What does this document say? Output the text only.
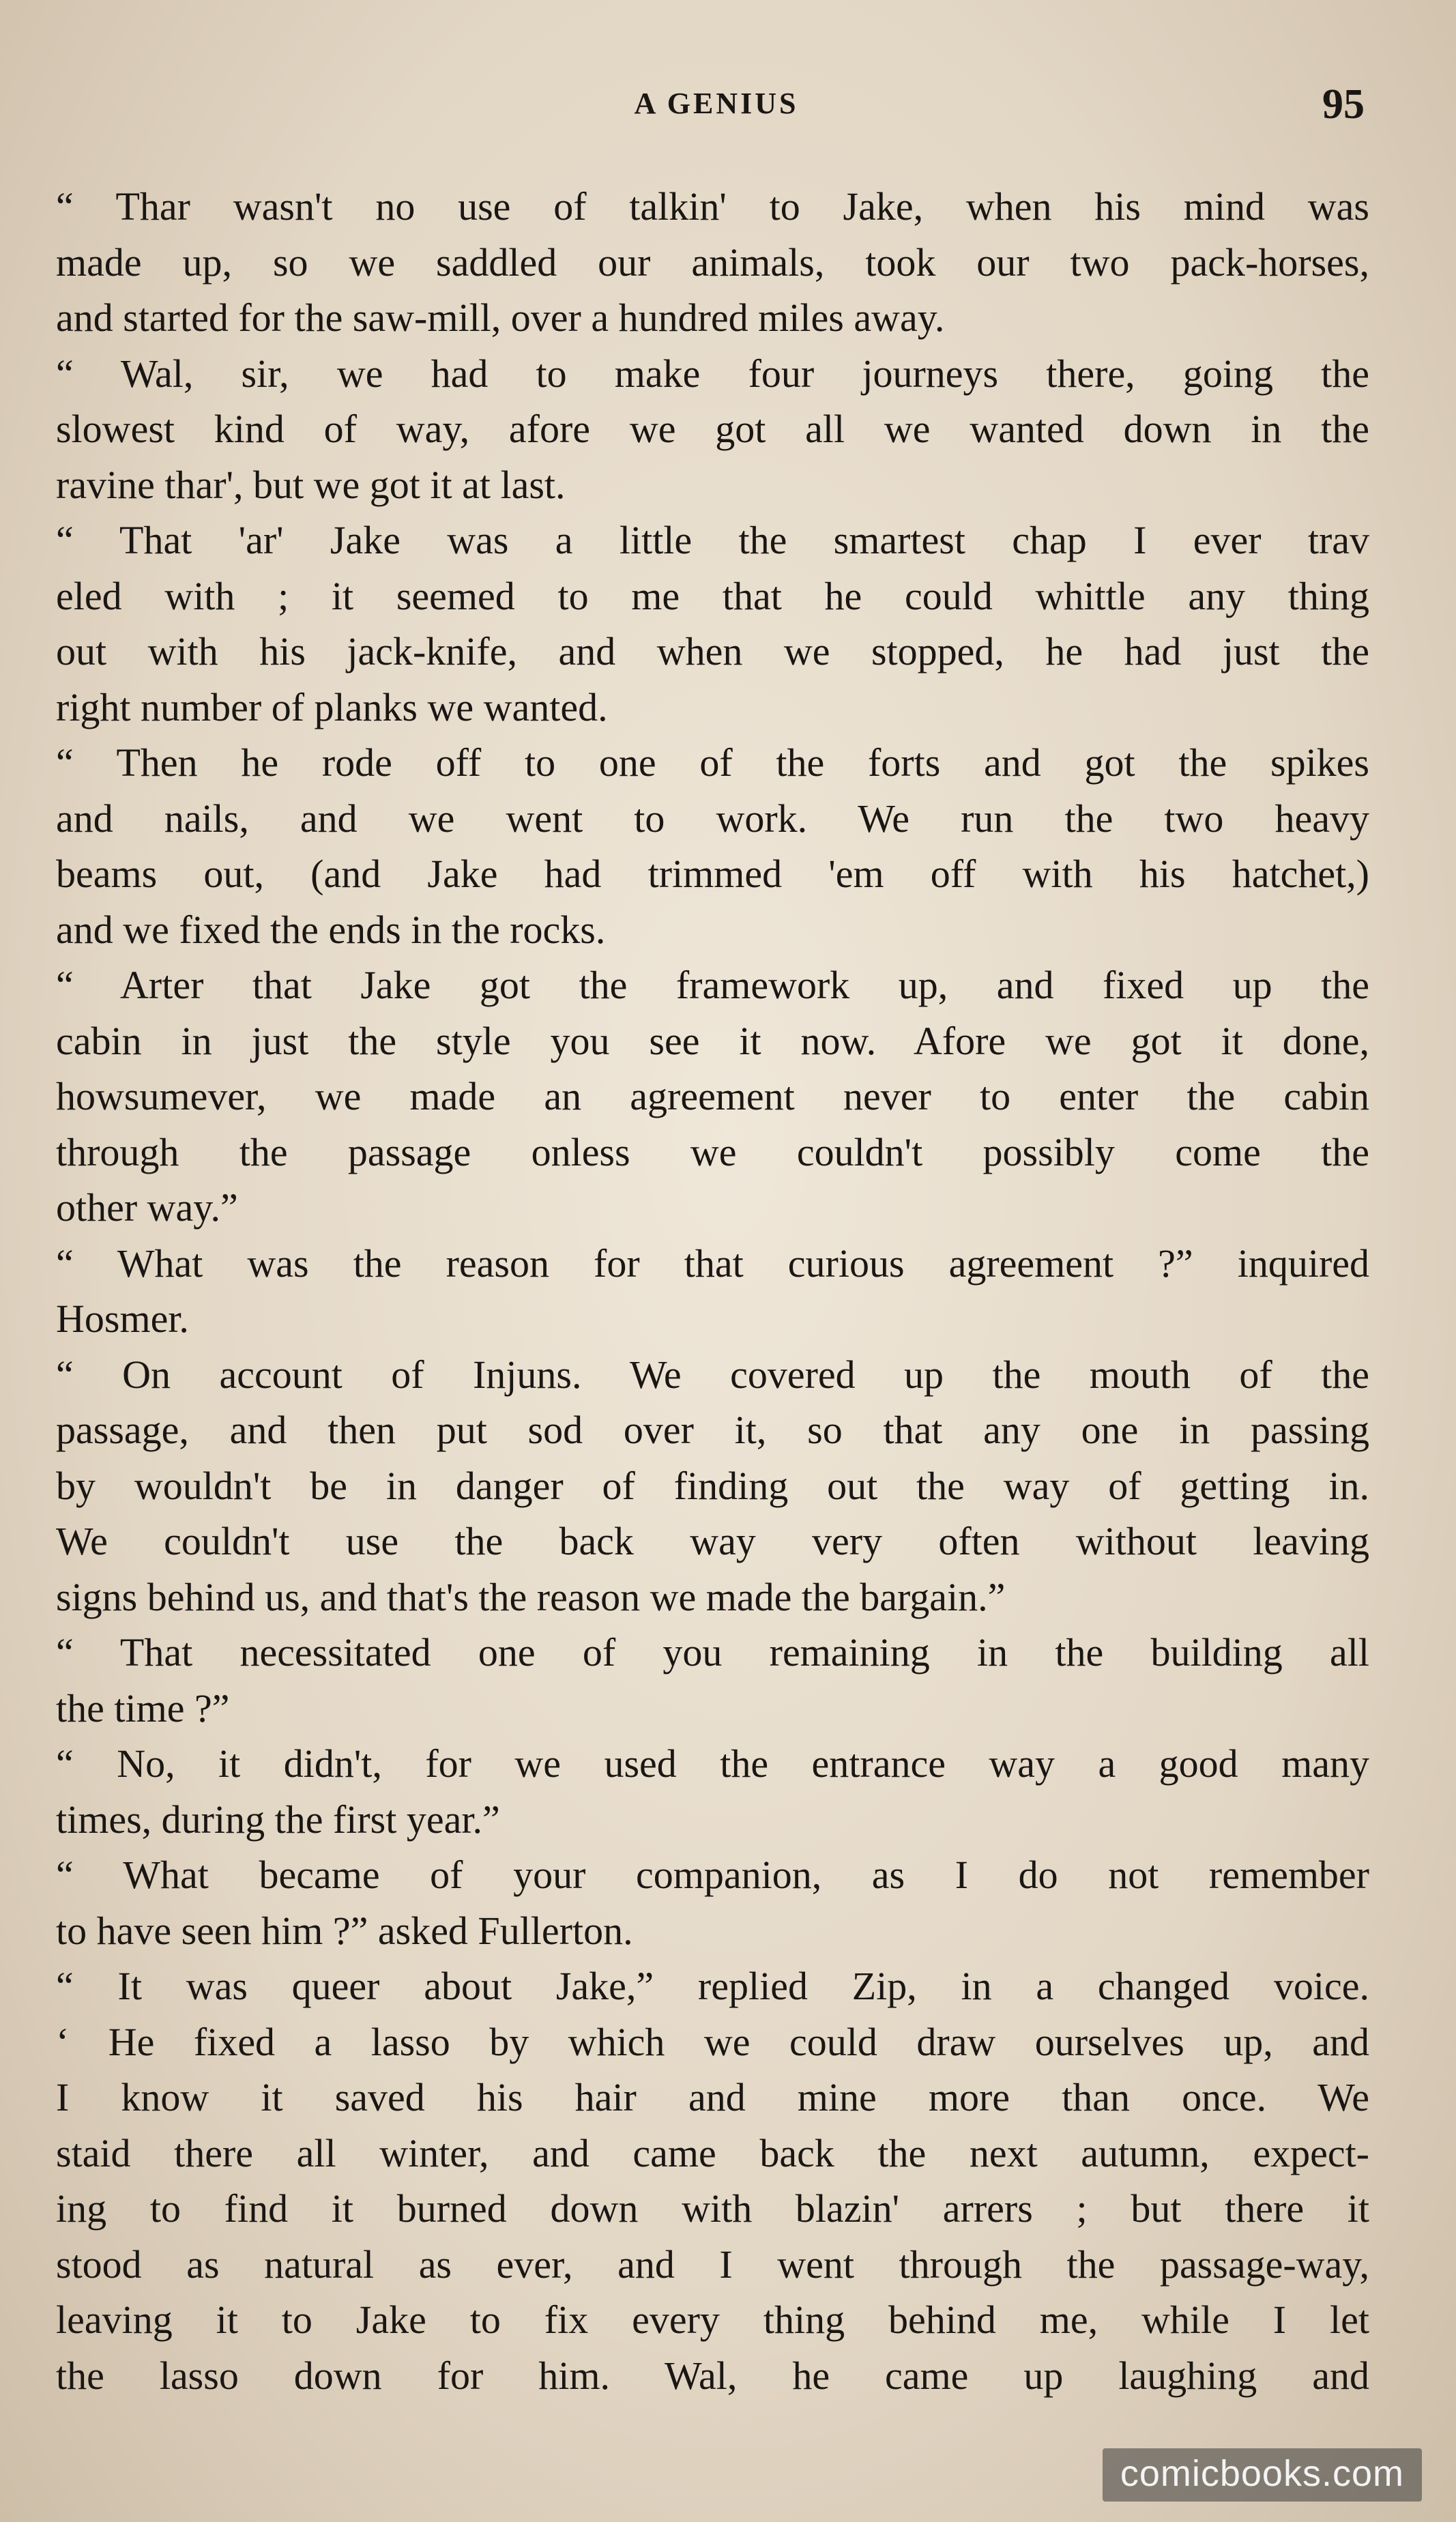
A GENIUS	95
“ Thar wasn't no use of talkin' to Jake, when his mind was
made up, so we saddled our animals, took our two pack-horses,
and started for the saw-mill, over a hundred miles away.
“ Wal, sir, we had to make four journeys there, going the
slowest kind of way, afore we got all we wanted down in the
ravine thar', but we got it at last.
“ That 'ar' Jake was a little the smartest chap I ever trav
eled with ; it seemed to me that he could whittle any thing
out with his jack-knife, and when we stopped, he had just the
right number of planks we wanted.
“ Then he rode off to one of the forts and got the spikes
and nails, and we went to work. We run the two heavy
beams out, (and Jake had trimmed 'em off with his hatchet,)
and we fixed the ends in the rocks.
“ Arter that Jake got the framework up, and fixed up the
cabin in just the style you see it now. Afore we got it done,
howsumever, we made an agreement never to enter the cabin
through the passage onless we couldn't possibly come the
other way.”
“ What was the reason for that curious agreement ?” inquired
Hosmer.
“ On account of Injuns. We covered up the mouth of the
passage, and then put sod over it, so that any one in passing
by wouldn't be in danger of finding out the way of getting in.
We couldn't use the back way very often without leaving
signs behind us, and that's the reason we made the bargain.”
“ That necessitated one of you remaining in the building all
the time ?”
“ No, it didn't, for we used the entrance way a good many
times, during the first year.”
“ What became of your companion, as I do not remember
to have seen him ?” asked Fullerton.
“ It was queer about Jake,” replied Zip, in a changed voice.
‘ He fixed a lasso by which we could draw ourselves up, and
I know it saved his hair and mine more than once. We
staid there all winter, and came back the next autumn, expect-
ing to find it burned down with blazin' arrers ; but there it
stood as natural as ever, and I went through the passage-way,
leaving it to Jake to fix every thing behind me, while I let
the lasso down for him. Wal, he came up laughing and
comicbooks.com
